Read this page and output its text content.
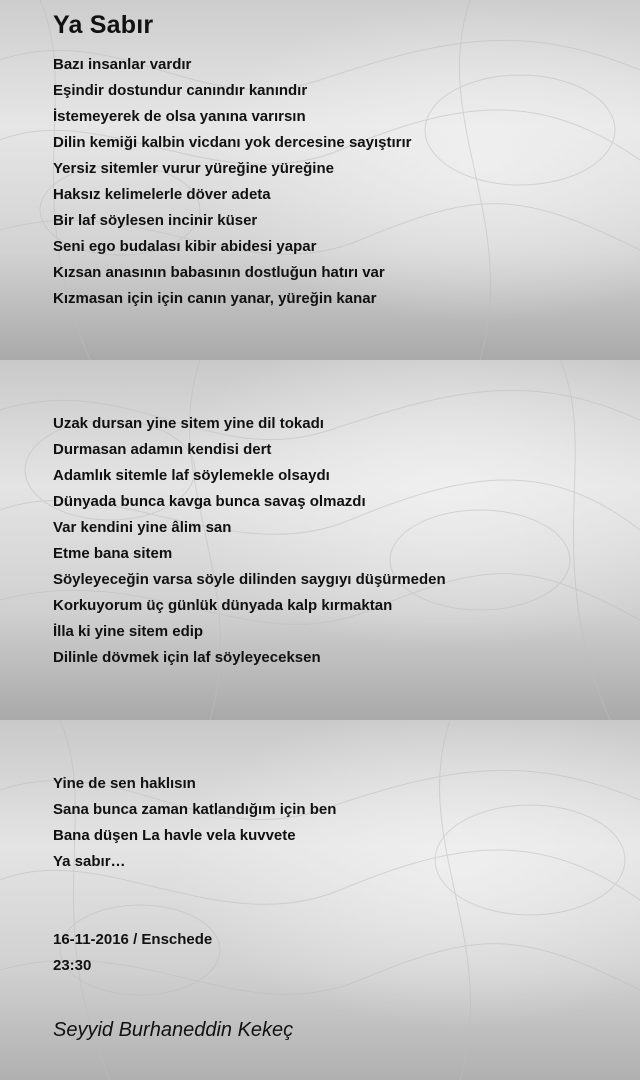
Ya Sabır
Bazı insanlar vardır
Eşindir dostundur canındır kanındır
İstemeyerek de olsa yanına varırsın
Dilin kemiği kalbin vicdanı yok dercesine sayıştırır
Yersiz sitemler vurur yüreğine yüreğine
Haksız kelimelerle döver adeta
Bir laf söylesen incinir küser
Seni ego budalası kibir abidesi yapar
Kızsan anasının babasının dostluğun hatırı var
Kızmasan için için canın yanar, yüreğin kanar
Uzak dursan yine sitem yine dil tokadı
Durmasan adamın kendisi dert
Adamlık sitemle laf söylemekle olsaydı
Dünyada bunca kavga bunca savaş olmazdı
Var kendini yine âlim san
Etme bana sitem
Söyleyeceğin varsa söyle dilinden saygıyı düşürmeden
Korkuyorum üç günlük dünyada kalp kırmaktan
İlla ki yine sitem edip
Dilinle dövmek için laf söyleyeceksen
Yine de sen haklısın
Sana bunca zaman katlandığım için ben
Bana düşen La havle vela kuvvete
Ya sabır…
16-11-2016 / Enschede
23:30
Seyyid Burhaneddin Kekeç
